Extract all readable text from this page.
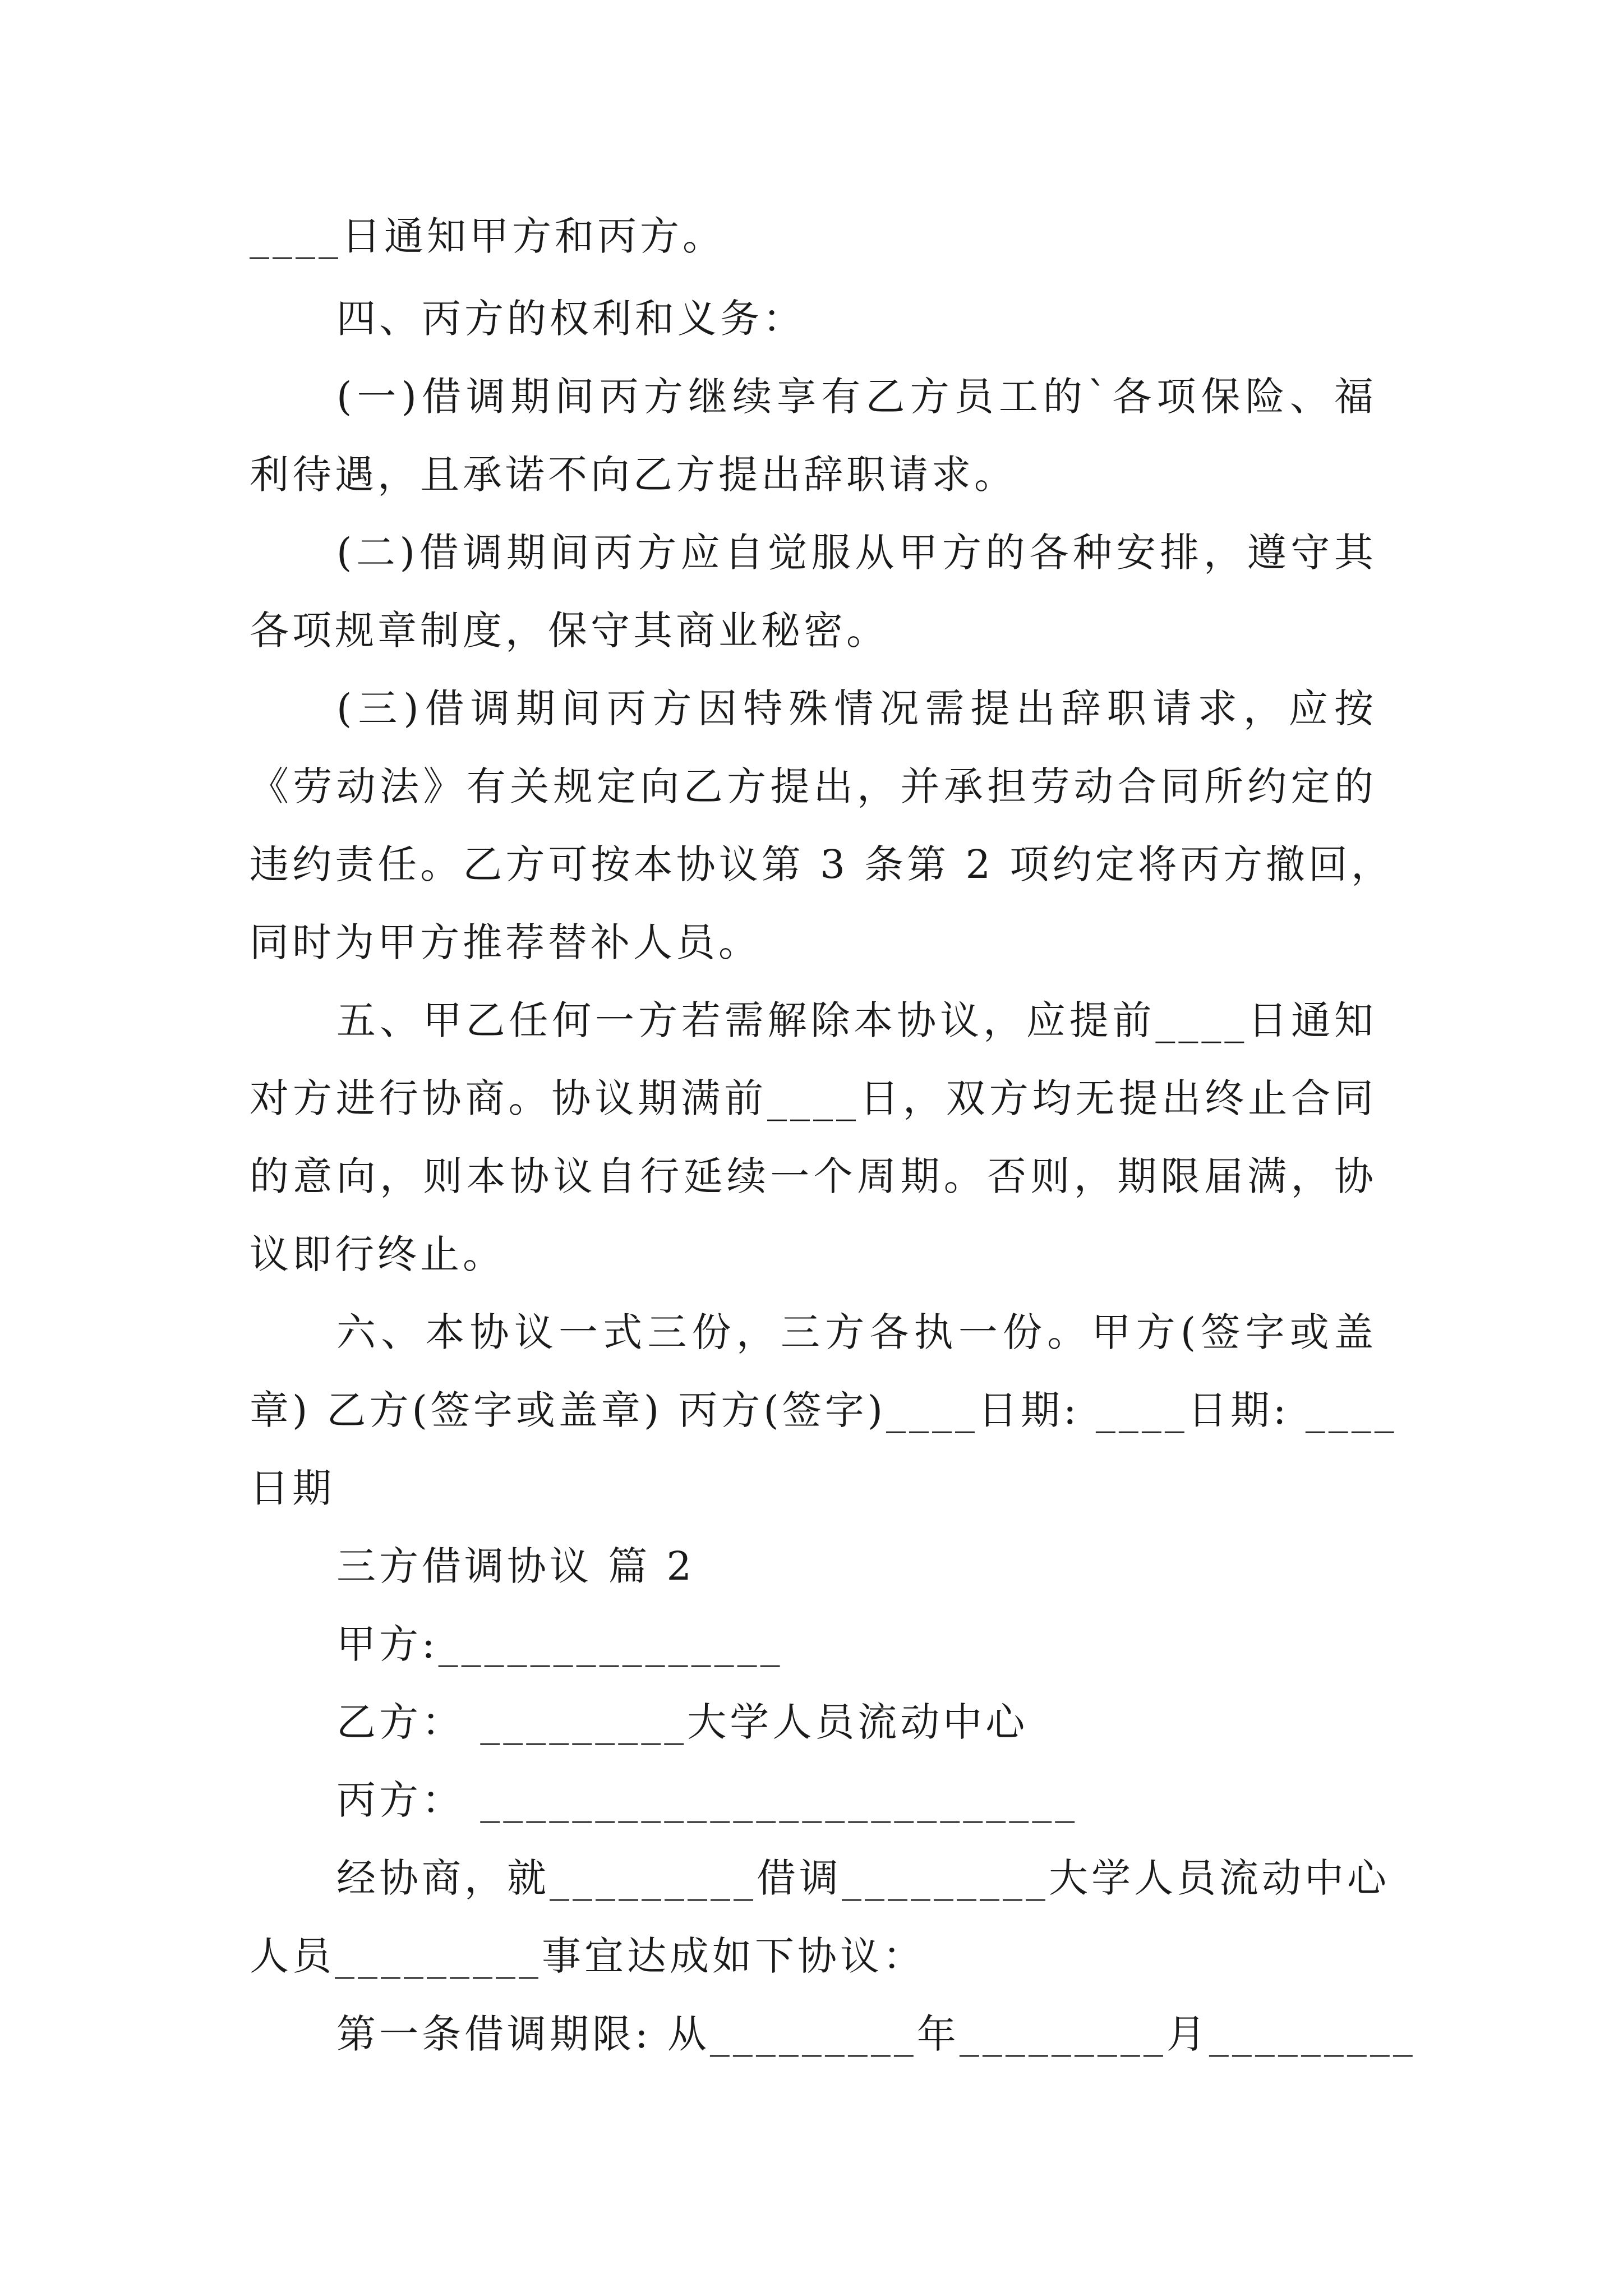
____日通知甲方和丙方。
四、丙方的权利和义务：
(一)借调期间丙方继续享有乙方员工的`各项保险、福
利待遇，且承诺不向乙方提出辞职请求。
(二)借调期间丙方应自觉服从甲方的各种安排，遵守其
各项规章制度，保守其商业秘密。
(三)借调期间丙方因特殊情况需提出辞职请求，应按
《劳动法》有关规定向乙方提出，并承担劳动合同所约定的
违约责任。乙方可按本协议第 3 条第 2 项约定将丙方撤回，
同时为甲方推荐替补人员。
五、甲乙任何一方若需解除本协议，应提前____日通知
对方进行协商。协议期满前____日，双方均无提出终止合同
的意向，则本协议自行延续一个周期。否则，期限届满，协
议即行终止。
六、本协议一式三份，三方各执一份。甲方(签字或盖
章) 乙方(签字或盖章) 丙方(签字)____日期: ____日期: ____
日期
三方借调协议 篇 2
甲方:_______________
乙方： _________大学人员流动中心
丙方： __________________________
经协商，就_________借调_________大学人员流动中心
人员_________事宜达成如下协议：
第一条借调期限: 从_________年_________月_________
